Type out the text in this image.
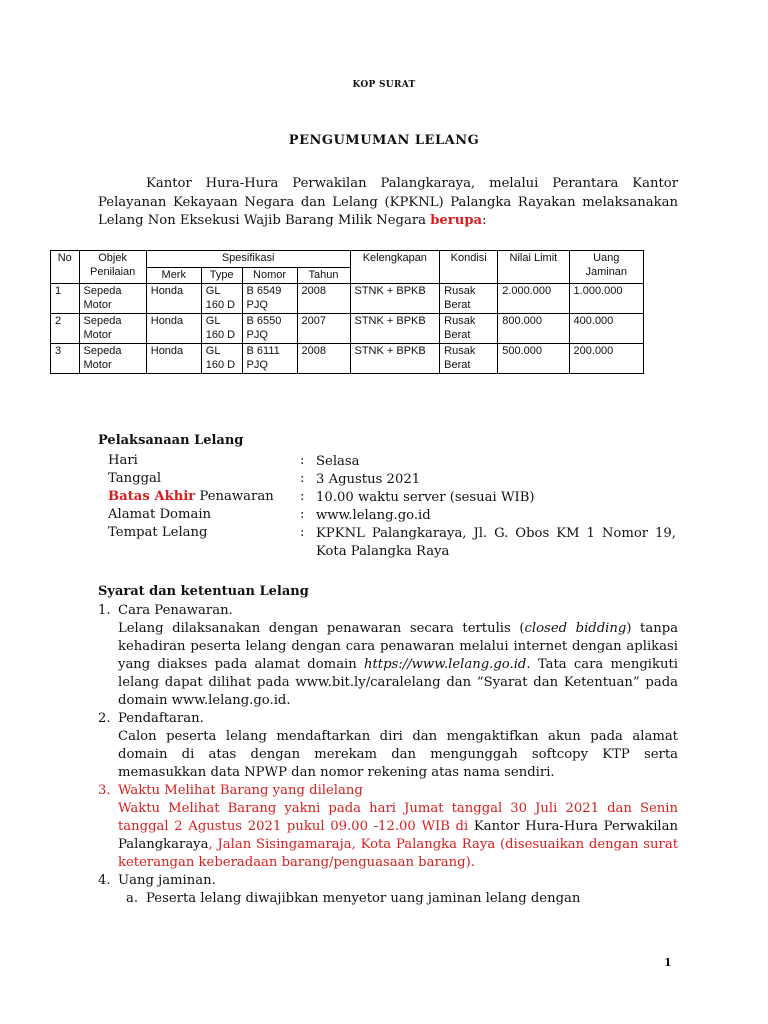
KOP SURAT
PENGUMUMAN LELANG
Kantor Hura-Hura Perwakilan Palangkaraya, melalui Perantara Kantor Pelayanan Kekayaan Negara dan Lelang (KPKNL) Palangka Rayakan melaksanakan Lelang Non Eksekusi Wajib Barang Milik Negara berupa:
No	Objek Penilaian	Spesifikasi				Kelengkapan	Kondisi	Nilai Limit	Uang Jaminan
		Merk	Type	Nomor	Tahun				
1	Sepeda Motor	Honda	GL 160 D	B 6549 PJQ	2008	STNK + BPKB	Rusak Berat	2.000.000	1.000.000
2	Sepeda Motor	Honda	GL 160 D	B 6550 PJQ	2007	STNK + BPKB	Rusak Berat	800.000	400.000
3	Sepeda Motor	Honda	GL 160 D	B 6111 PJQ	2008	STNK + BPKB	Rusak Berat	500.000	200.000
Pelaksanaan Lelang
Hari	: Selasa
Tanggal	: 3 Agustus 2021
Batas Akhir Penawaran : 10.00 waktu server (sesuai WIB)
Alamat Domain	: www.lelang.go.id
Tempat Lelang	: KPKNL Palangkaraya, Jl. G. Obos KM 1 Nomor 19, Kota Palangka Raya
Syarat dan ketentuan Lelang
1. Cara Penawaran.
Lelang dilaksanakan dengan penawaran secara tertulis (closed bidding) tanpa kehadiran peserta lelang dengan cara penawaran melalui internet dengan aplikasi yang diakses pada alamat domain https://www.lelang.go.id. Tata cara mengikuti lelang dapat dilihat pada www.bit.ly/caralelang dan “Syarat dan Ketentuan” pada domain www.lelang.go.id.
2. Pendaftaran.
Calon peserta lelang mendaftarkan diri dan mengaktifkan akun pada alamat domain di atas dengan merekam dan mengunggah softcopy KTP serta memasukkan data NPWP dan nomor rekening atas nama sendiri.
3. Waktu Melihat Barang yang dilelang
Waktu Melihat Barang yakni pada hari Jumat tanggal 30 Juli 2021 dan Senin tanggal 2 Agustus 2021 pukul 09.00 -12.00 WIB di Kantor Hura-Hura Perwakilan Palangkaraya, Jalan Sisingamaraja, Kota Palangka Raya (disesuaikan dengan surat keterangan keberadaan barang/penguasaan barang).
4. Uang jaminan.
a. Peserta lelang diwajibkan menyetor uang jaminan lelang dengan
1
